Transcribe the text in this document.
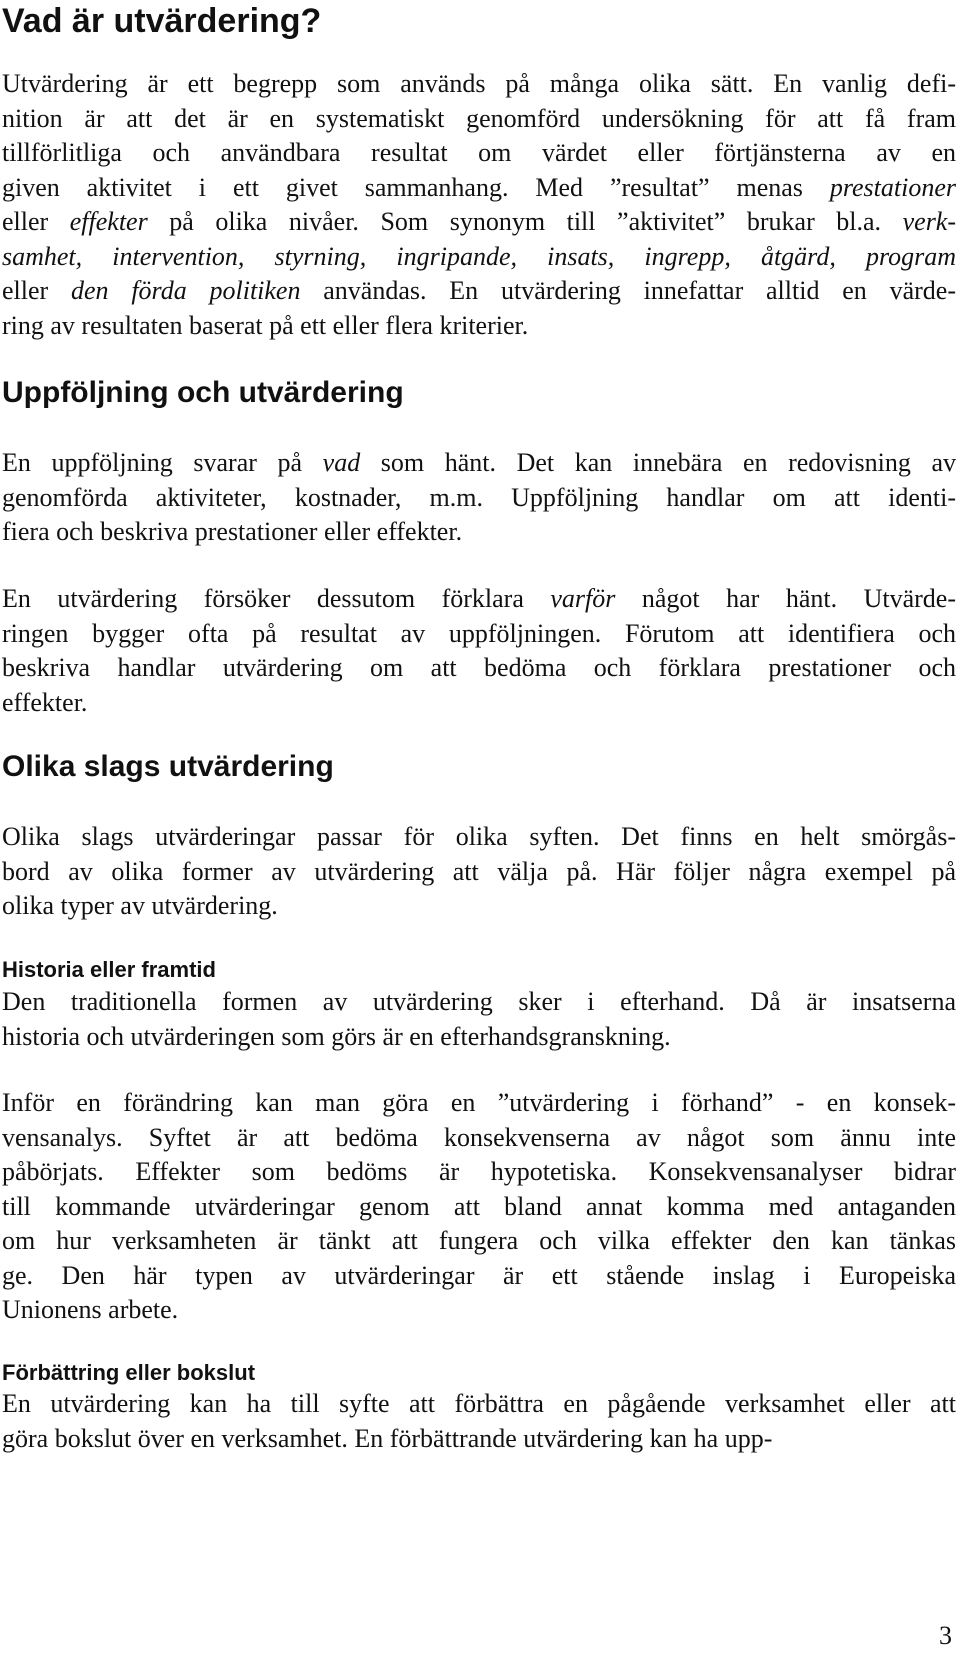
Vad är utvärdering?
Utvärdering är ett begrepp som används på många olika sätt. En vanlig defi-
nition är att det är en systematiskt genomförd undersökning för att få fram
tillförlitliga och användbara resultat om värdet eller förtjänsterna av en
given aktivitet i ett givet sammanhang. Med ”resultat” menas prestationer
eller effekter på olika nivåer. Som synonym till ”aktivitet” brukar bl.a. verk-
samhet, intervention, styrning, ingripande, insats, ingrepp, åtgärd, program
eller den förda politiken användas. En utvärdering innefattar alltid en värde-
ring av resultaten baserat på ett eller flera kriterier.
Uppföljning och utvärdering
En uppföljning svarar på vad som hänt. Det kan innebära en redovisning av
genomförda aktiviteter, kostnader, m.m. Uppföljning handlar om att identi-
fiera och beskriva prestationer eller effekter.
En utvärdering försöker dessutom förklara varför något har hänt. Utvärde-
ringen bygger ofta på resultat av uppföljningen. Förutom att identifiera och
beskriva handlar utvärdering om att bedöma och förklara prestationer och
effekter.
Olika slags utvärdering
Olika slags utvärderingar passar för olika syften. Det finns en helt smörgås-
bord av olika former av utvärdering att välja på. Här följer några exempel på
olika typer av utvärdering.
Historia eller framtid
Den traditionella formen av utvärdering sker i efterhand. Då är insatserna
historia och utvärderingen som görs är en efterhandsgranskning.
Inför en förändring kan man göra en ”utvärdering i förhand” - en konsek-
vensanalys. Syftet är att bedöma konsekvenserna av något som ännu inte
påbörjats. Effekter som bedöms är hypotetiska. Konsekvensanalyser bidrar
till kommande utvärderingar genom att bland annat komma med antaganden
om hur verksamheten är tänkt att fungera och vilka effekter den kan tänkas
ge. Den här typen av utvärderingar är ett stående inslag i Europeiska
Unionens arbete.
Förbättring eller bokslut
En utvärdering kan ha till syfte att förbättra en pågående verksamhet eller att
göra bokslut över en verksamhet. En förbättrande utvärdering kan ha upp-
3
